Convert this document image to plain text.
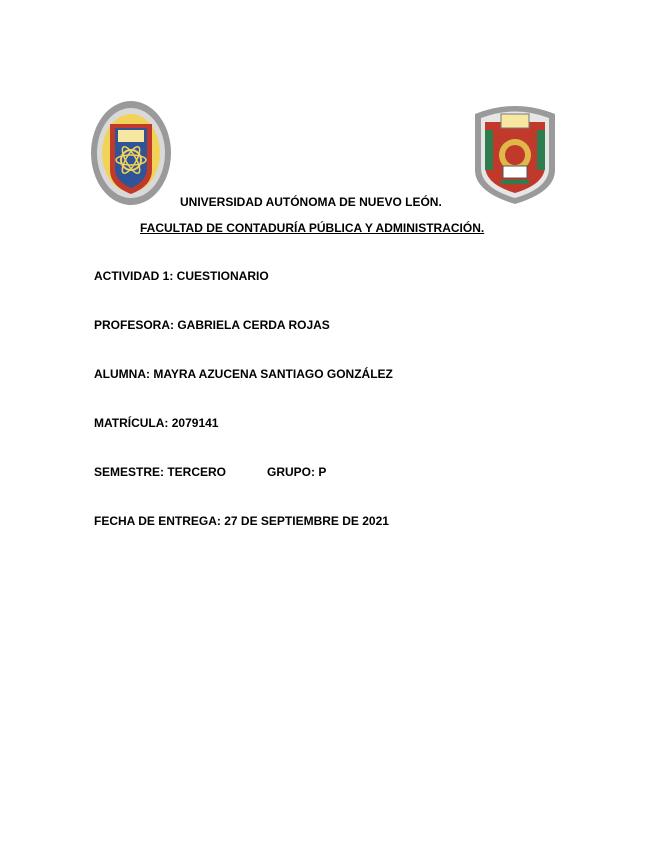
UNIVERSIDAD AUTÓNOMA DE NUEVO LEÓN.
FACULTAD DE CONTADURÍA PÚBLICA Y ADMINISTRACIÓN.
ACTIVIDAD 1: CUESTIONARIO
PROFESORA: GABRIELA CERDA ROJAS
ALUMNA: MAYRA AZUCENA SANTIAGO GONZÁLEZ
MATRÍCULA: 2079141
SEMESTRE: TERCERO	GRUPO: P
FECHA DE ENTREGA: 27 DE SEPTIEMBRE DE 2021
